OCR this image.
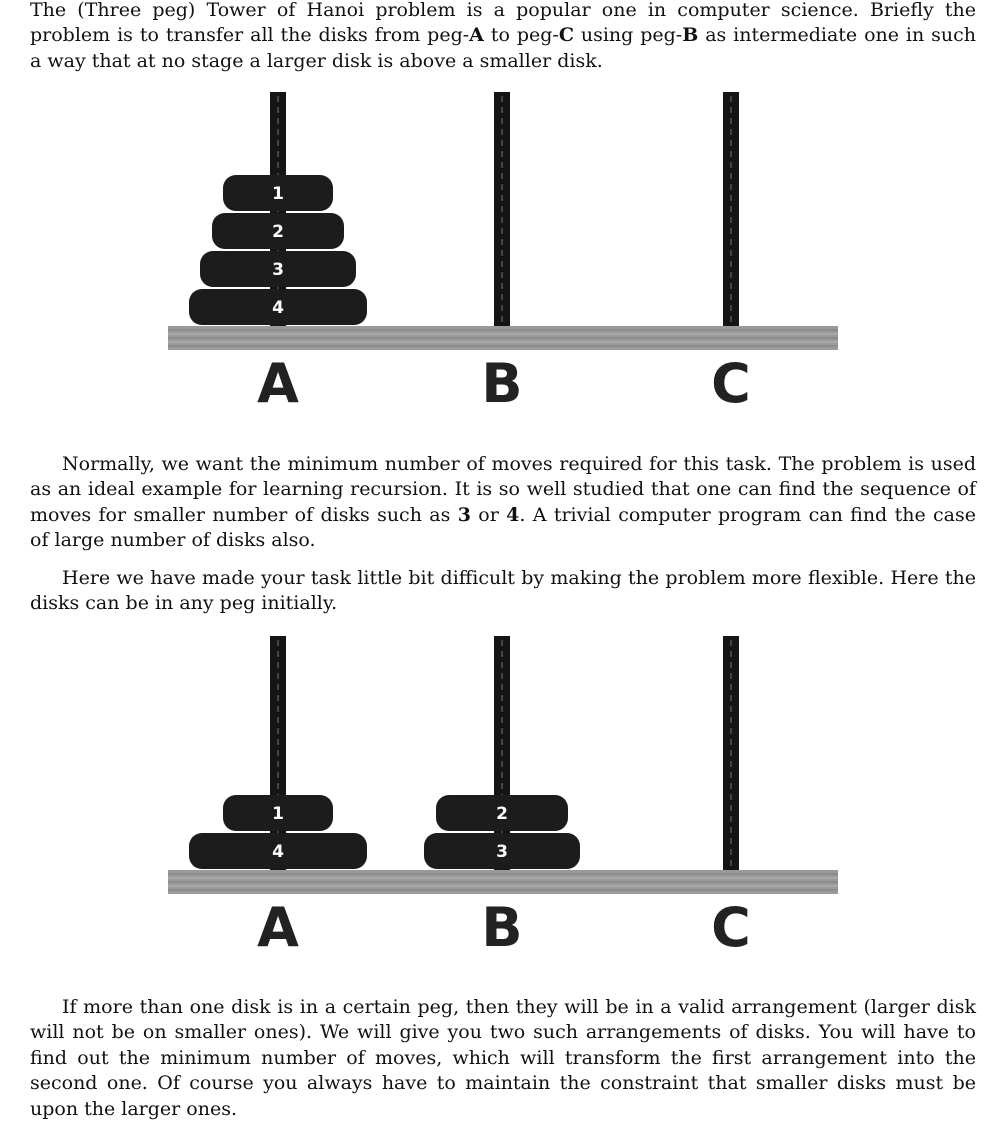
The (Three peg) Tower of Hanoi problem is a popular one in computer science. Briefly the problem is to transfer all the disks from peg-A to peg-C using peg-B as intermediate one in such a way that at no stage a larger disk is above a smaller disk.

1
2
3
4
A	B	C

Normally, we want the minimum number of moves required for this task. The problem is used as an ideal example for learning recursion. It is so well studied that one can find the sequence of moves for smaller number of disks such as 3 or 4. A trivial computer program can find the case of large number of disks also.

Here we have made your task little bit difficult by making the problem more flexible. Here the disks can be in any peg initially.

1
4
A
2
3
B	C

If more than one disk is in a certain peg, then they will be in a valid arrangement (larger disk will not be on smaller ones). We will give you two such arrangements of disks. You will have to find out the minimum number of moves, which will transform the first arrangement into the second one. Of course you always have to maintain the constraint that smaller disks must be upon the larger ones.
